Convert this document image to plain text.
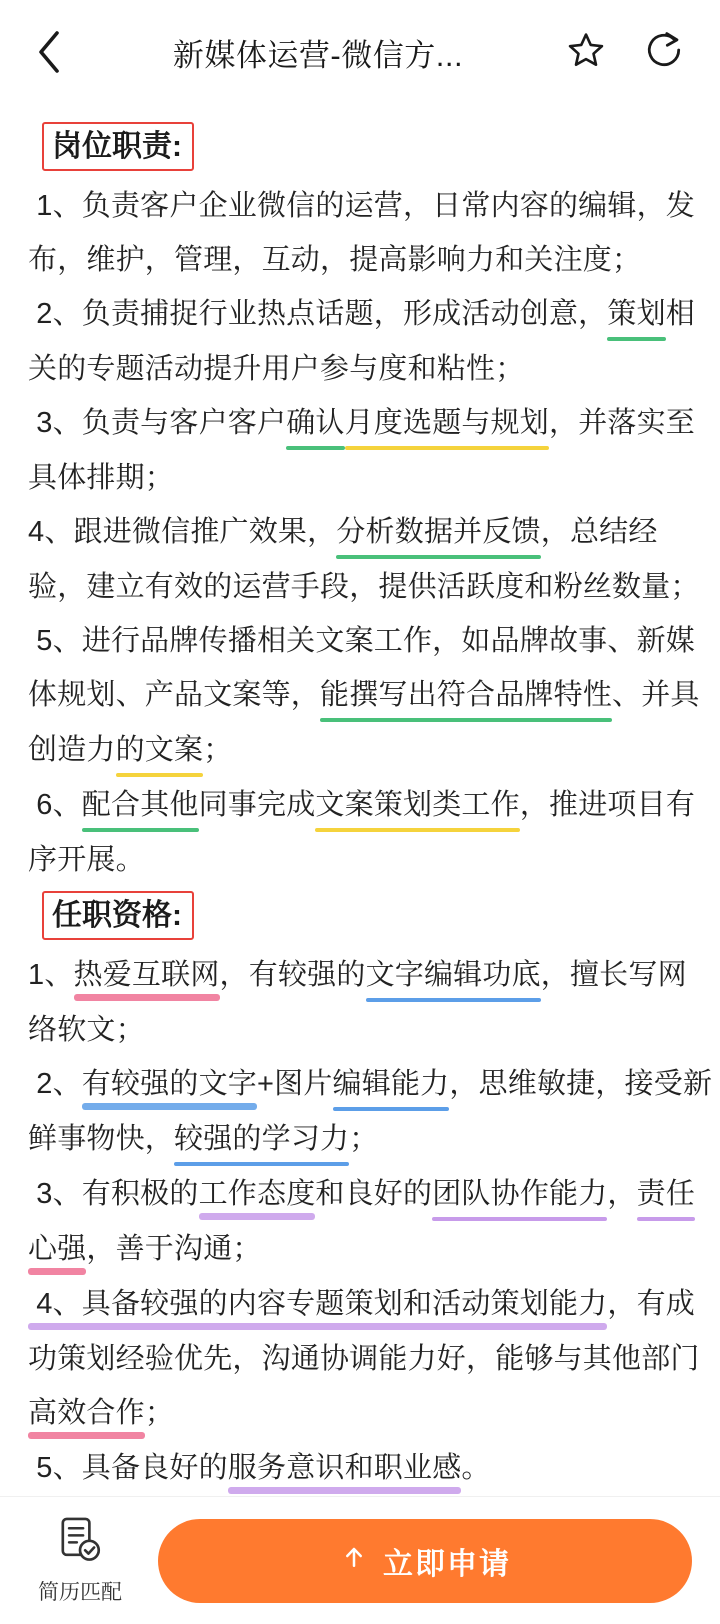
新媒体运营-微信方...
岗位职责:
1、负责客户企业微信的运营，日常内容的编辑，发
布，维护，管理，互动，提高影响力和关注度；
2、负责捕捉行业热点话题，形成活动创意，策划相
关的专题活动提升用户参与度和粘性；
3、负责与客户客户确认月度选题与规划，并落实至
具体排期；
4、跟进微信推广效果，分析数据并反馈，总结经
验，建立有效的运营手段，提供活跃度和粉丝数量；
5、进行品牌传播相关文案工作，如品牌故事、新媒
体规划、产品文案等，能撰写出符合品牌特性、并具
创造力的文案；
6、配合其他同事完成文案策划类工作，推进项目有
序开展。
任职资格:
1、热爱互联网，有较强的文字编辑功底，擅长写网
络软文；
2、有较强的文字+图片编辑能力，思维敏捷，接受新
鲜事物快，较强的学习力；
3、有积极的工作态度和良好的团队协作能力，责任
心强，善于沟通；
4、具备较强的内容专题策划和活动策划能力，有成
功策划经验优先，沟通协调能力好，能够与其他部门
高效合作；
5、具备良好的服务意识和职业感。
简历匹配
立即申请
